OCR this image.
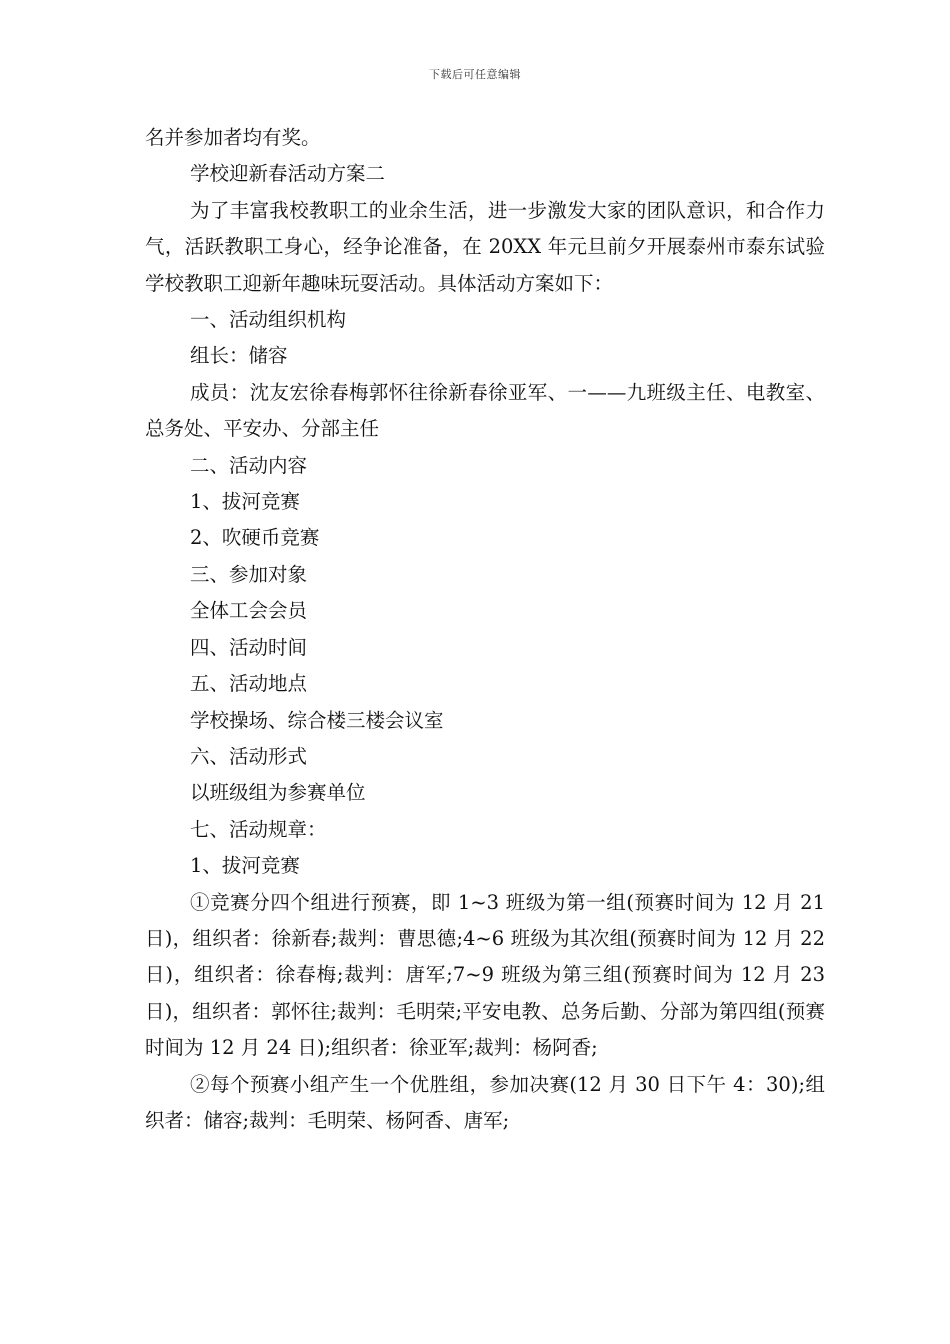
下载后可任意编辑

名并参加者均有奖。

学校迎新春活动方案二

为了丰富我校教职工的业余生活，进一步激发大家的团队意识，和合作力气，活跃教职工身心，经争论准备，在 20XX 年元旦前夕开展泰州市泰东试验学校教职工迎新年趣味玩耍活动。具体活动方案如下：

一、活动组织机构

组长：储容

成员：沈友宏徐春梅郭怀往徐新春徐亚军、一——九班级主任、电教室、总务处、平安办、分部主任

二、活动内容

1、拔河竞赛

2、吹硬币竞赛

三、参加对象

全体工会会员

四、活动时间

五、活动地点

学校操场、综合楼三楼会议室

六、活动形式

以班级组为参赛单位

七、活动规章：

1、拔河竞赛

①竞赛分四个组进行预赛，即 1~3 班级为第一组(预赛时间为 12 月 21 日)，组织者：徐新春;裁判：曹思德;4~6 班级为其次组(预赛时间为 12 月 22 日)，组织者：徐春梅;裁判：唐军;7~9 班级为第三组(预赛时间为 12 月 23 日)，组织者：郭怀往;裁判：毛明荣;平安电教、总务后勤、分部为第四组(预赛时间为 12 月 24 日);组织者：徐亚军;裁判：杨阿香;

②每个预赛小组产生一个优胜组，参加决赛(12 月 30 日下午 4：30);组织者：储容;裁判：毛明荣、杨阿香、唐军;
